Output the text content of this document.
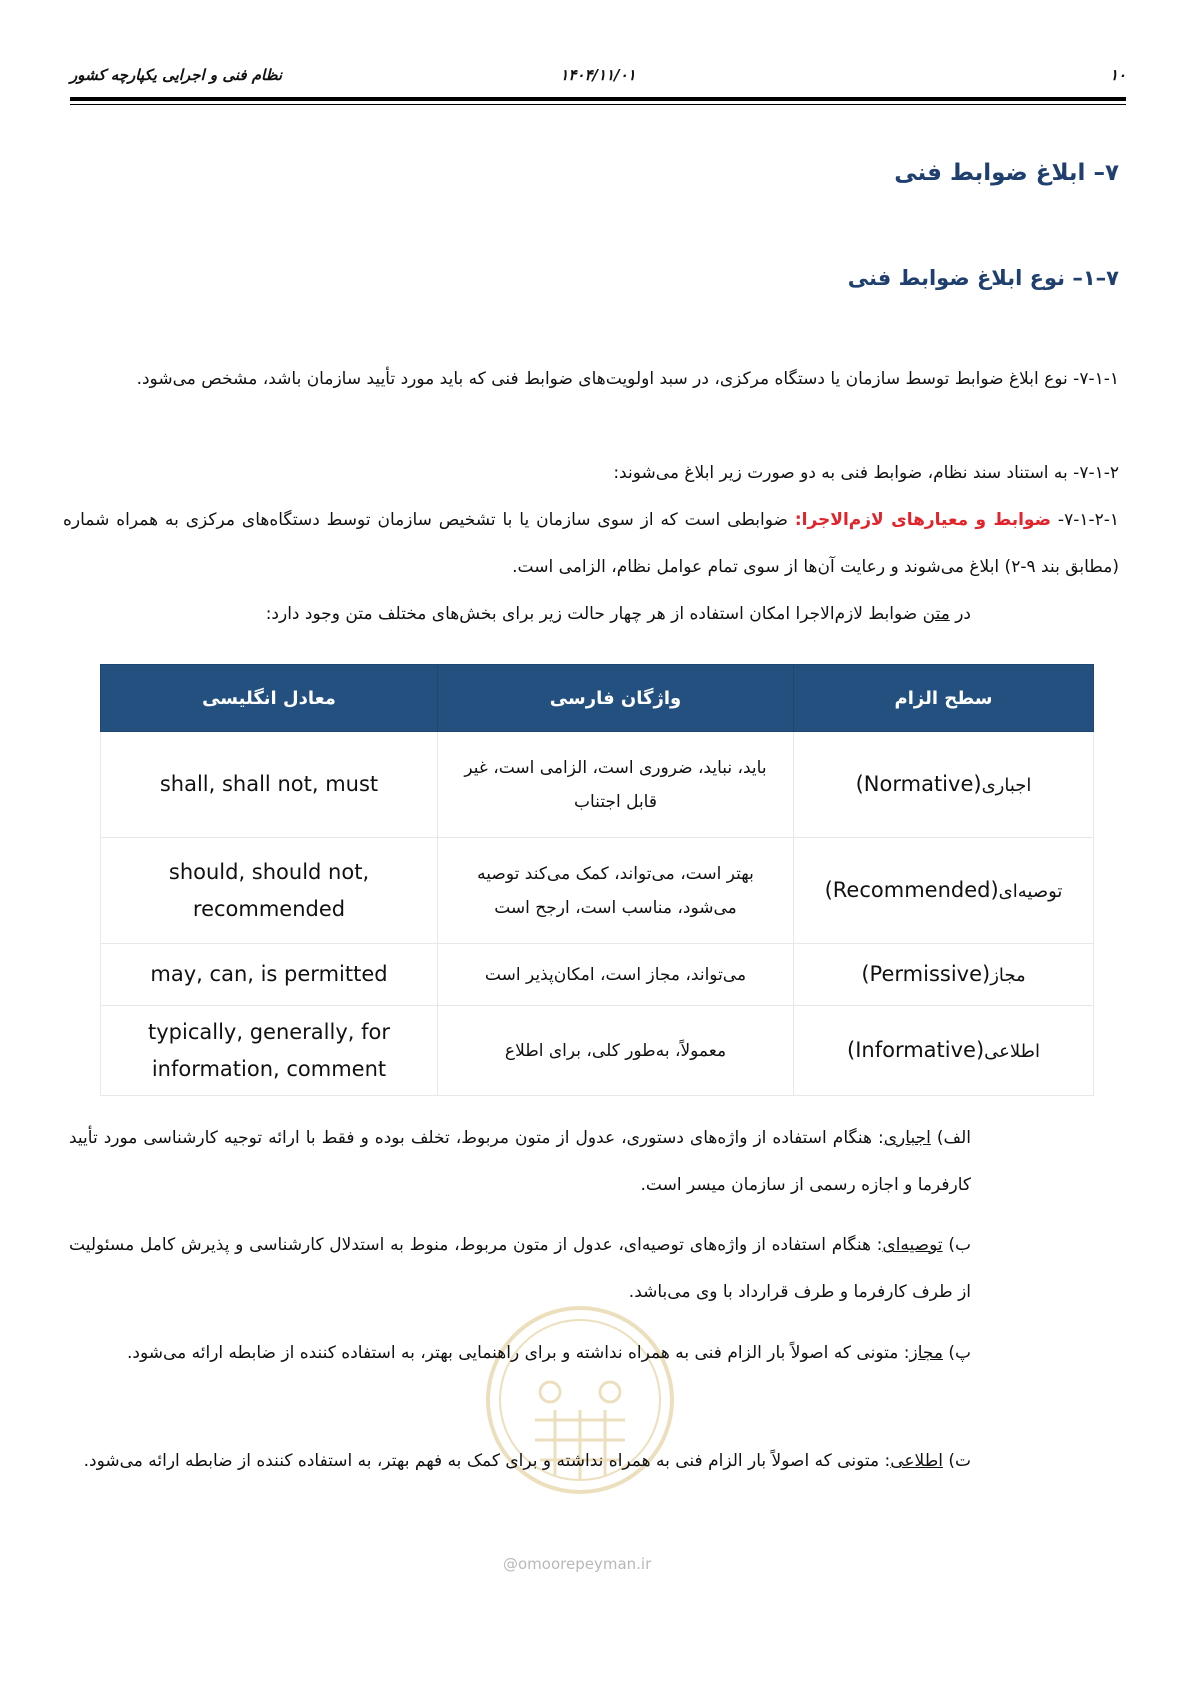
۱۰
۱۴۰۴/۱۱/۰۱
نظام فنی و اجرایی یکپارچه کشور
۷– ابلاغ ضوابط فنی
۷–۱– نوع ابلاغ ضوابط فنی
۷-۱-۱- نوع ابلاغ ضوابط توسط سازمان یا دستگاه مرکزی، در سبد اولویت‌های ضوابط فنی که باید مورد تأیید سازمان باشد، مشخص می‌شود.
۷-۱-۲- به استناد سند نظام، ضوابط فنی به دو صورت زیر ابلاغ می‌شوند:
۷-۱-۲-۱- ضوابط و معیارهای لازم‌الاجرا: ضوابطی است که از سوی سازمان یا با تشخیص سازمان توسط دستگاه‌های مرکزی به همراه شماره (مطابق بند ۹-۲) ابلاغ می‌شوند و رعایت آن‌ها از سوی تمام عوامل نظام، الزامی است.
در متن ضوابط لازم‌الاجرا امکان استفاده از هر چهار حالت زیر برای بخش‌های مختلف متن وجود دارد:
سطح الزام	واژگان فارسی	معادل انگلیسی
اجباری(Normative)	باید، نباید، ضروری است، الزامی است، غیر قابل اجتناب	shall, shall not, must
توصیه‌ای(Recommended)	بهتر است، می‌تواند، کمک می‌کند توصیه می‌شود، مناسب است، ارجح است	should, should not, recommended
مجاز(Permissive)	می‌تواند، مجاز است، امکان‌پذیر است	may, can, is permitted
اطلاعی(Informative)	معمولاً، به‌طور کلی، برای اطلاع	typically, generally, for information, comment
@omoorepeyman.ir
الف) اجباری: هنگام استفاده از واژه‌های دستوری، عدول از متون مربوط، تخلف بوده و فقط با ارائه توجیه کارشناسی مورد تأیید کارفرما و اجازه رسمی از سازمان میسر است.
ب) توصیه‌ای: هنگام استفاده از واژه‌های توصیه‌ای، عدول از متون مربوط، منوط به استدلال کارشناسی و پذیرش کامل مسئولیت از طرف کارفرما و طرف قرارداد با وی می‌باشد.
پ) مجاز: متونی که اصولاً بار الزام فنی به همراه نداشته و برای راهنمایی بهتر، به استفاده کننده از ضابطه ارائه می‌شود.
ت) اطلاعی: متونی که اصولاً بار الزام فنی به همراه نداشته و برای کمک به فهم بهتر، به استفاده کننده از ضابطه ارائه می‌شود.
